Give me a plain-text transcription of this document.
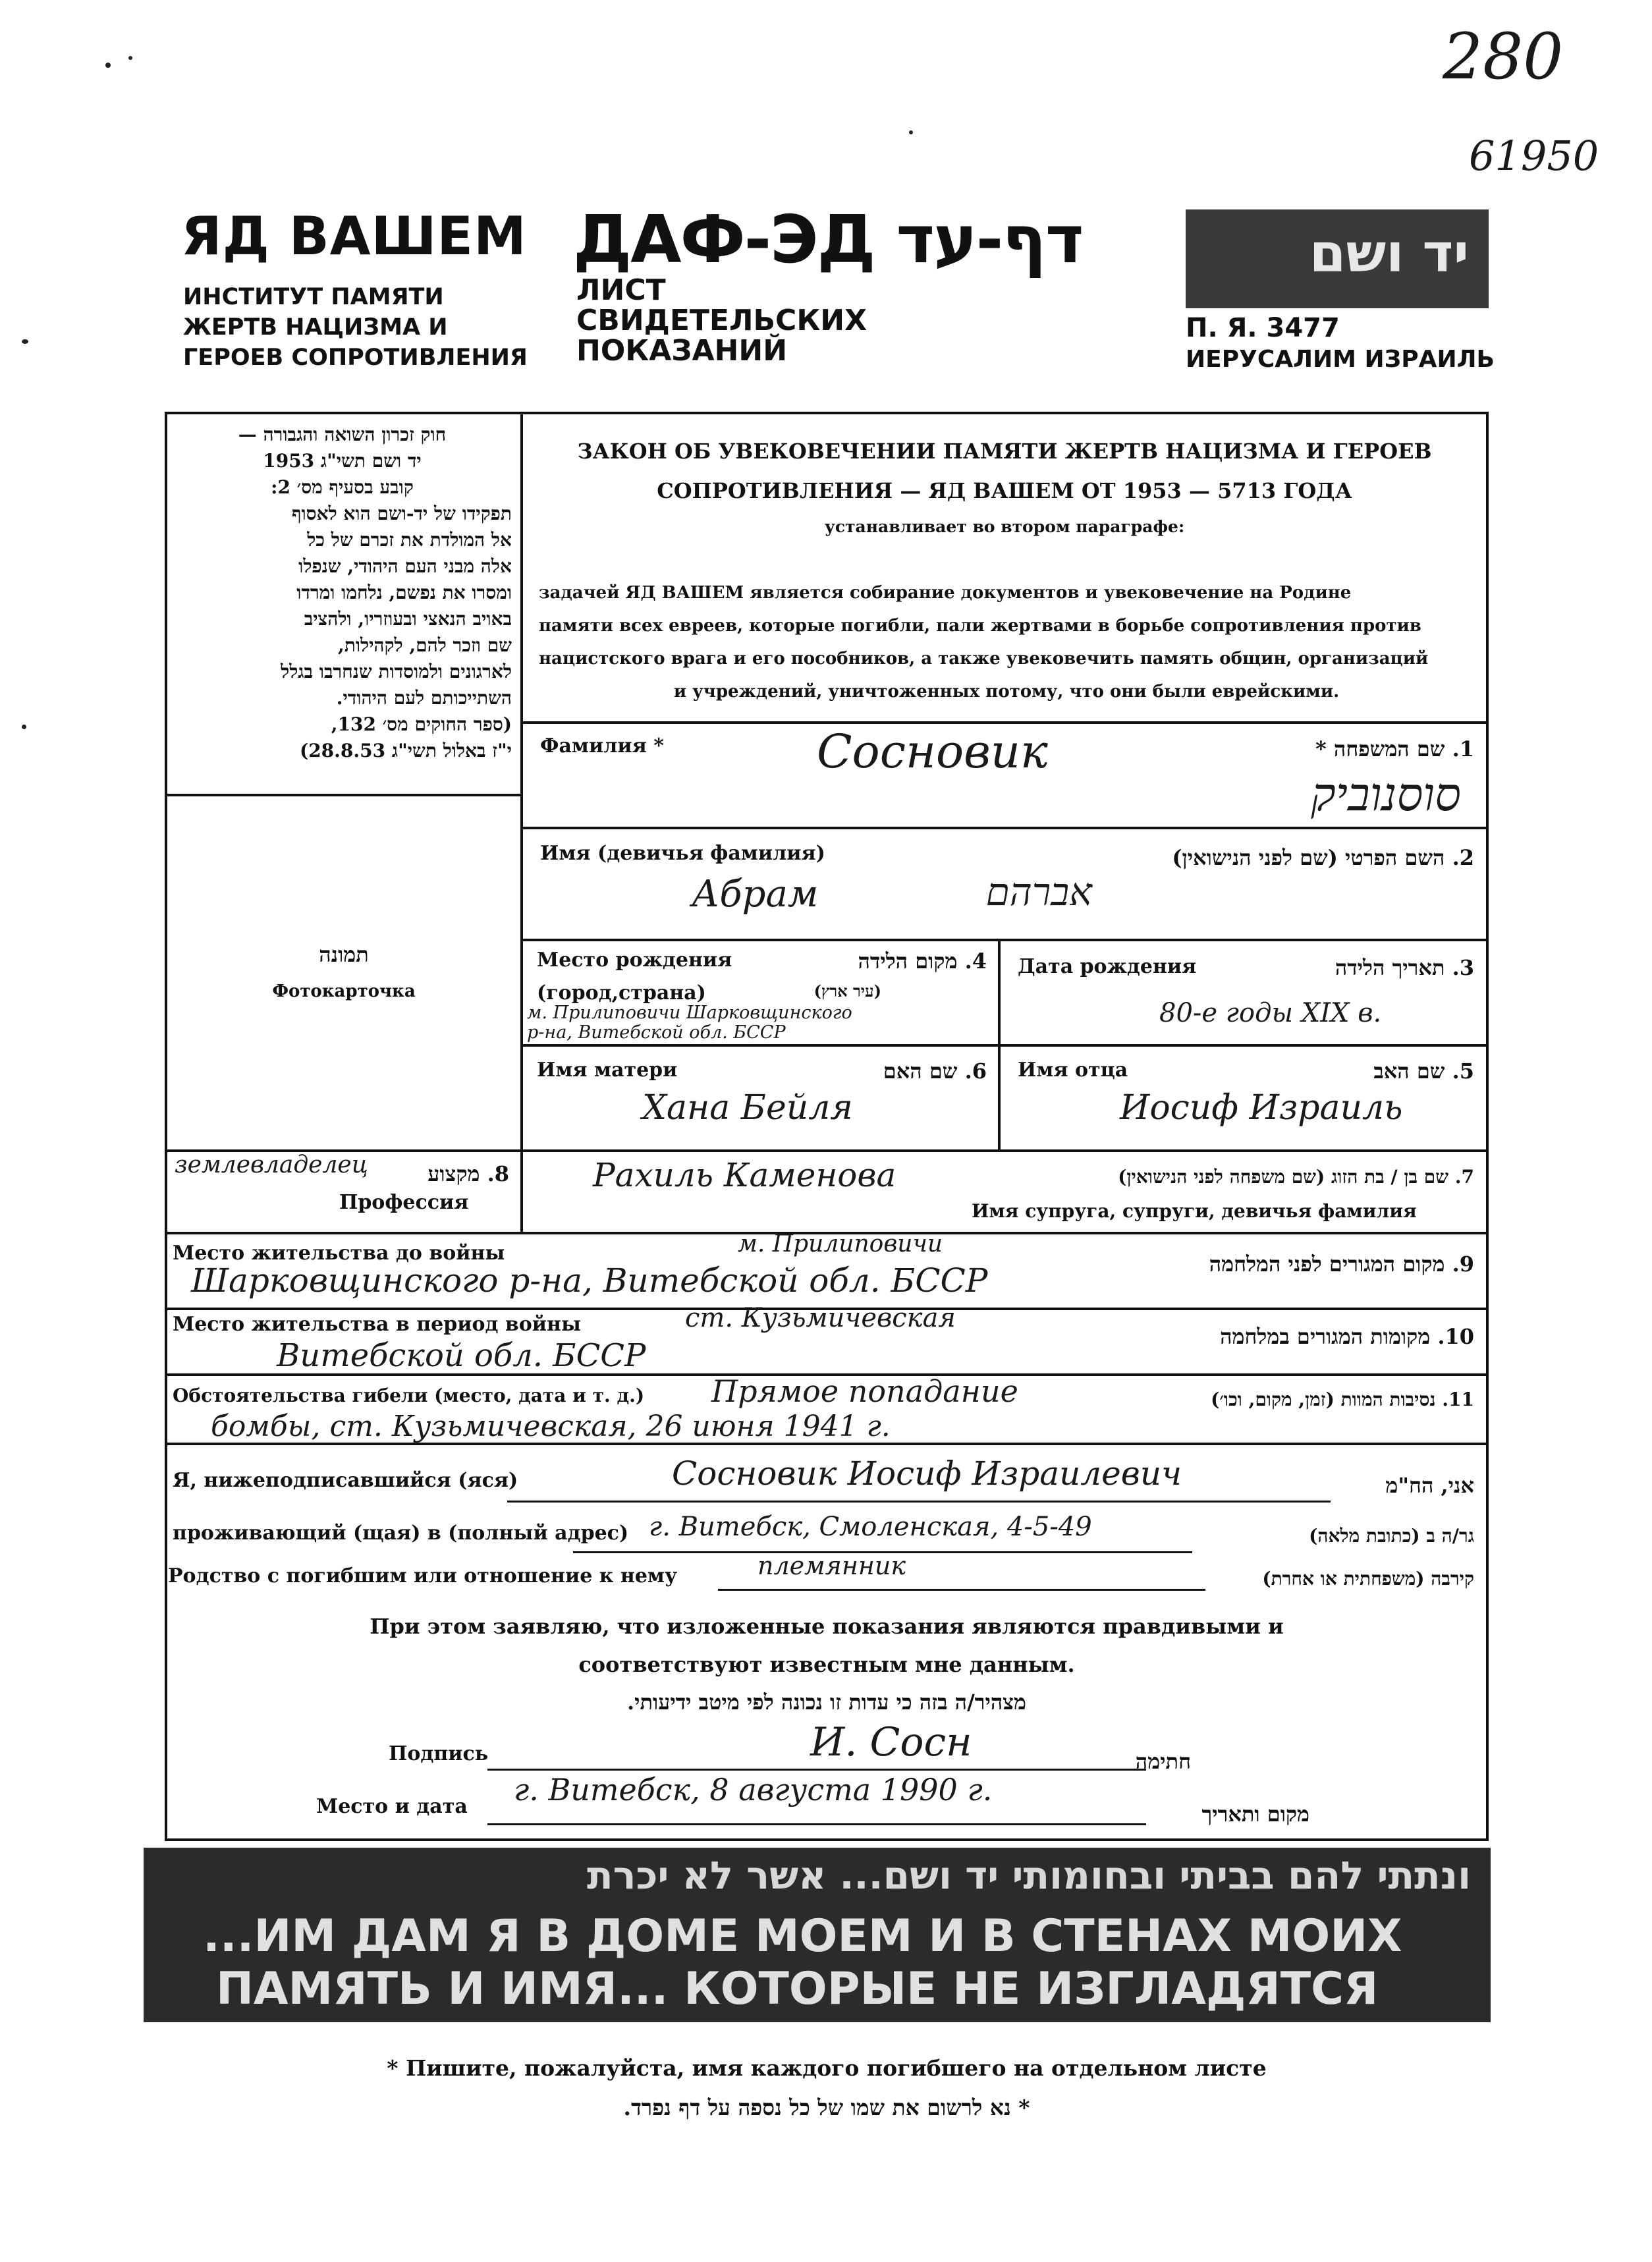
280
61950
ЯД ВАШЕМ
ИНСТИТУТ ПАМЯТИ
ЖЕРТВ НАЦИЗМА И
ГЕРОЕВ СОПРОТИВЛЕНИЯ
ДАФ-ЭД דף-עד
ЛИСТ
СВИДЕТЕЛЬСКИХ
ПОКАЗАНИЙ
יד ושם
П. Я. 3477
ИЕРУСАЛИМ ИЗРАИЛЬ
חוק זכרון השואה והגבורה —
יד ושם תשי"ג 1953
קובע בסעיף מס׳ 2:
תפקידו של יד-ושם הוא לאסוף
אל המולדת את זכרם של כל
אלה מבני העם היהודי, שנפלו
ומסרו את נפשם, נלחמו ומרדו
באויב הנאצי ובעוזריו, ולהציב
שם וזכר להם, לקהילות,
לארגונים ולמוסדות שנחרבו בגלל
השתייכותם לעם היהודי.
(ספר החוקים מס׳ 132,
י"ז באלול תשי"ג 28.8.53)
תמונה
Фотокарточка
ЗАКОН ОБ УВЕКОВЕЧЕНИИ ПАМЯТИ ЖЕРТВ НАЦИЗМА И ГЕРОЕВ
СОПРОТИВЛЕНИЯ — ЯД ВАШЕМ ОТ 1953 — 5713 ГОДА
устанавливает во втором параграфе:
задачей ЯД ВАШЕМ является собирание документов и увековечение на Родине
памяти всех евреев, которые погибли, пали жертвами в борьбе сопротивления против
нацистского врага и его пособников, а также увековечить память общин, организаций
и учреждений, уничтоженных потому, что они были еврейскими.
Фамилия *	1. שם המשפחה *
Сосновик
סוסנוביק
Имя (девичья фамилия)	2. השם הפרטי (שם לפני הנישואין)
Абрам	אברהם
Место рождения
(город,страна)
4. מקום הלידה
(עיר ארץ)
м. Прилиповичи Шарковщинского
р-на, Витебской обл. БССР
Дата рождения	3. תאריך הלידה
80-е годы XIX в.
Имя матери	6. שם האם
Хана Бейля
Имя отца	5. שם האב
Иосиф Израиль
землевладелец	8. מקצוע
Профессия
Рахиль Каменова	7. שם בן / בת הזוג (שם משפחה לפני הנישואין)
Имя супруга, супруги, девичья фамилия
Место жительства до войны	м. Прилиповичи
Шарковщинского р-на, Витебской обл. БССР	9. מקום המגורים לפני המלחמה
Место жительства в период войны	ст. Кузьмичевская
Витебской обл. БССР
10. מקומות המגורים במלחמה
Обстоятельства гибели (место, дата и т. д.) Прямое попадание
бомбы, ст. Кузьмичевская, 26 июня 1941 г.
11. נסיבות המוות (זמן, מקום, וכו׳)
Я, нижеподписавшийся (яся)	Сосновик Иосиф Израилевич	אני, הח"מ
проживающий (щая) в (полный адрес) г. Витебск, Смоленская, 4-5-49	גר/ה ב (כתובת מלאה)
Родство с погибшим или отношение к нему	племянник	קירבה (משפחתית או אחרת)
При этом заявляю, что изложенные показания являются правдивыми и
соответствуют известным мне данным.
מצהיר/ה בזה כי עדות זו נכונה לפי מיטב ידיעותי.
Подпись	И. Сосн	חתימה
Место и дата г. Витебск, 8 августа 1990 г.
מקום ותאריך
ונתתי להם בביתי ובחומותי יד ושם... אשר לא יכרת
...ИМ ДАМ Я В ДОМЕ МОЕМ И В СТЕНАХ МОИХ
ПАМЯТЬ И ИМЯ... КОТОРЫЕ НЕ ИЗГЛАДЯТСЯ
* Пишите, пожалуйста, имя каждого погибшего на отдельном листе
* נא לרשום את שמו של כל נספה על דף נפרד.
